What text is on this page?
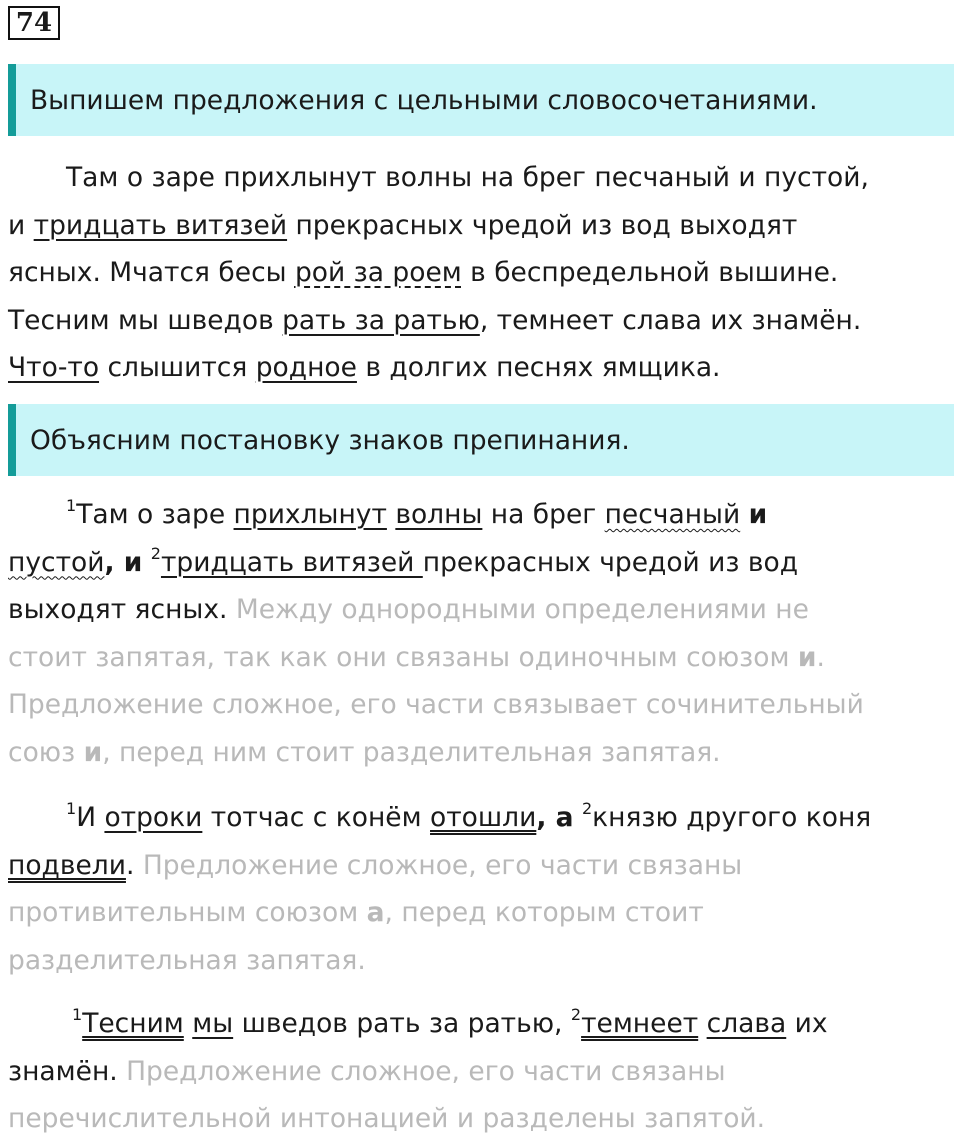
74
Выпишем предложения с цельными словосочетаниями.
Там о заре прихлынут волны на брег песчаный и пустой,
и тридцать витязей прекрасных чредой из вод выходят
ясных. Мчатся бесы рой за роем в беспредельной вышине.
Тесним мы шведов рать за ратью, темнеет слава их знамён.
Что-то слышится родное в долгих песнях ямщика.
Объясним постановку знаков препинания.
$^1$Там о заре прихлынут волны на брег песчаный и
пустой, и $^2$тридцать витязей прекрасных чредой из вод
выходят ясных. Между однородными определениями не
стоит запятая, так как они связаны одиночным союзом и.
Предложение сложное, его части связывает сочинительный
союз и, перед ним стоит разделительная запятая.
$^1$И отроки тотчас с конём отошли, а $^2$князю другого коня
подвели. Предложение сложное, его части связаны
противительным союзом а, перед которым стоит
разделительная запятая.
$^1$Тесним мы шведов рать за ратью, $^2$темнеет слава их
знамён. Предложение сложное, его части связаны
перечислительной интонацией и разделены запятой.
